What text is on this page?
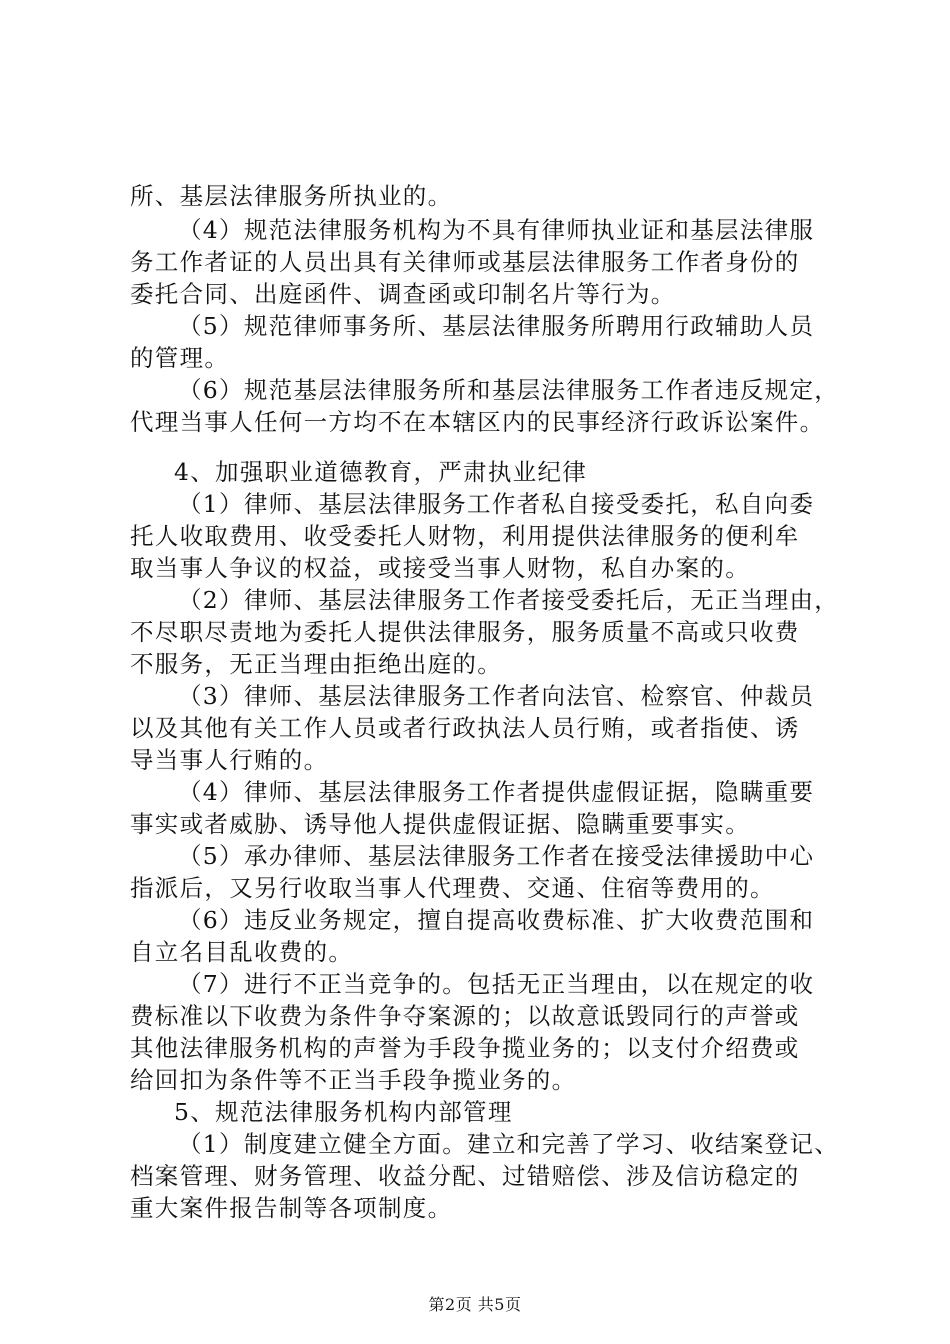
所、基层法律服务所执业的。
（4）规范法律服务机构为不具有律师执业证和基层法律服
务工作者证的人员出具有关律师或基层法律服务工作者身份的
委托合同、出庭函件、调查函或印制名片等行为。
（5）规范律师事务所、基层法律服务所聘用行政辅助人员
的管理。
（6）规范基层法律服务所和基层法律服务工作者违反规定，
代理当事人任何一方均不在本辖区内的民事经济行政诉讼案件。
4、加强职业道德教育，严肃执业纪律
（1）律师、基层法律服务工作者私自接受委托，私自向委
托人收取费用、收受委托人财物，利用提供法律服务的便利牟
取当事人争议的权益，或接受当事人财物，私自办案的。
（2）律师、基层法律服务工作者接受委托后，无正当理由，
不尽职尽责地为委托人提供法律服务，服务质量不高或只收费
不服务，无正当理由拒绝出庭的。
（3）律师、基层法律服务工作者向法官、检察官、仲裁员
以及其他有关工作人员或者行政执法人员行贿，或者指使、诱
导当事人行贿的。
（4）律师、基层法律服务工作者提供虚假证据，隐瞒重要
事实或者威胁、诱导他人提供虚假证据、隐瞒重要事实。
（5）承办律师、基层法律服务工作者在接受法律援助中心
指派后，又另行收取当事人代理费、交通、住宿等费用的。
（6）违反业务规定，擅自提高收费标准、扩大收费范围和
自立名目乱收费的。
（7）进行不正当竞争的。包括无正当理由，以在规定的收
费标准以下收费为条件争夺案源的；以故意诋毁同行的声誉或
其他法律服务机构的声誉为手段争揽业务的；以支付介绍费或
给回扣为条件等不正当手段争揽业务的。
5、规范法律服务机构内部管理
（1）制度建立健全方面。建立和完善了学习、收结案登记、
档案管理、财务管理、收益分配、过错赔偿、涉及信访稳定的
重大案件报告制等各项制度。
第2页 共5页
